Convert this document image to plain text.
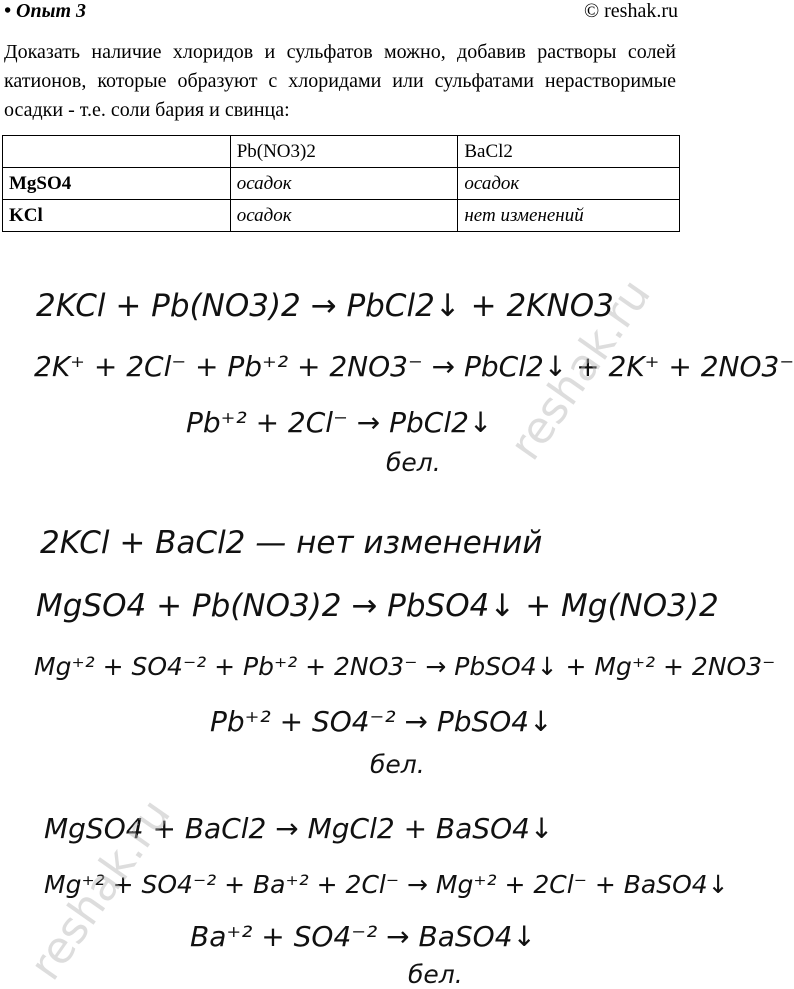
• Опыт 3	© reshak.ru
Доказать наличие хлоридов и сульфатов можно, добавив растворы солей катионов, которые образуют с хлоридами или сульфатами нерастворимые осадки - т.е. соли бария и свинца:
	Pb(NO3)2	BaCl2
MgSO4	осадок	осадок
KCl	осадок	нет изменений
2KCl + Pb(NO3)2 → PbCl2↓ + 2KNO3
2K⁺ + 2Cl⁻ + Pb⁺² + 2NO3⁻ → PbCl2↓ + 2K⁺ + 2NO3⁻
Pb⁺² + 2Cl⁻ → PbCl2↓
бел.
2KCl + BaCl2 — нет изменений
MgSO4 + Pb(NO3)2 → PbSO4↓ + Mg(NO3)2
Mg⁺² + SO4⁻² + Pb⁺² + 2NO3⁻ → PbSO4↓ + Mg⁺² + 2NO3⁻
Pb⁺² + SO4⁻² → PbSO4↓
бел.
MgSO4 + BaCl2 → MgCl2 + BaSO4↓
Mg⁺² + SO4⁻² + Ba⁺² + 2Cl⁻ → Mg⁺² + 2Cl⁻ + BaSO4↓
Ba⁺² + SO4⁻² → BaSO4↓
бел.
reshak.ru
reshak.ru
